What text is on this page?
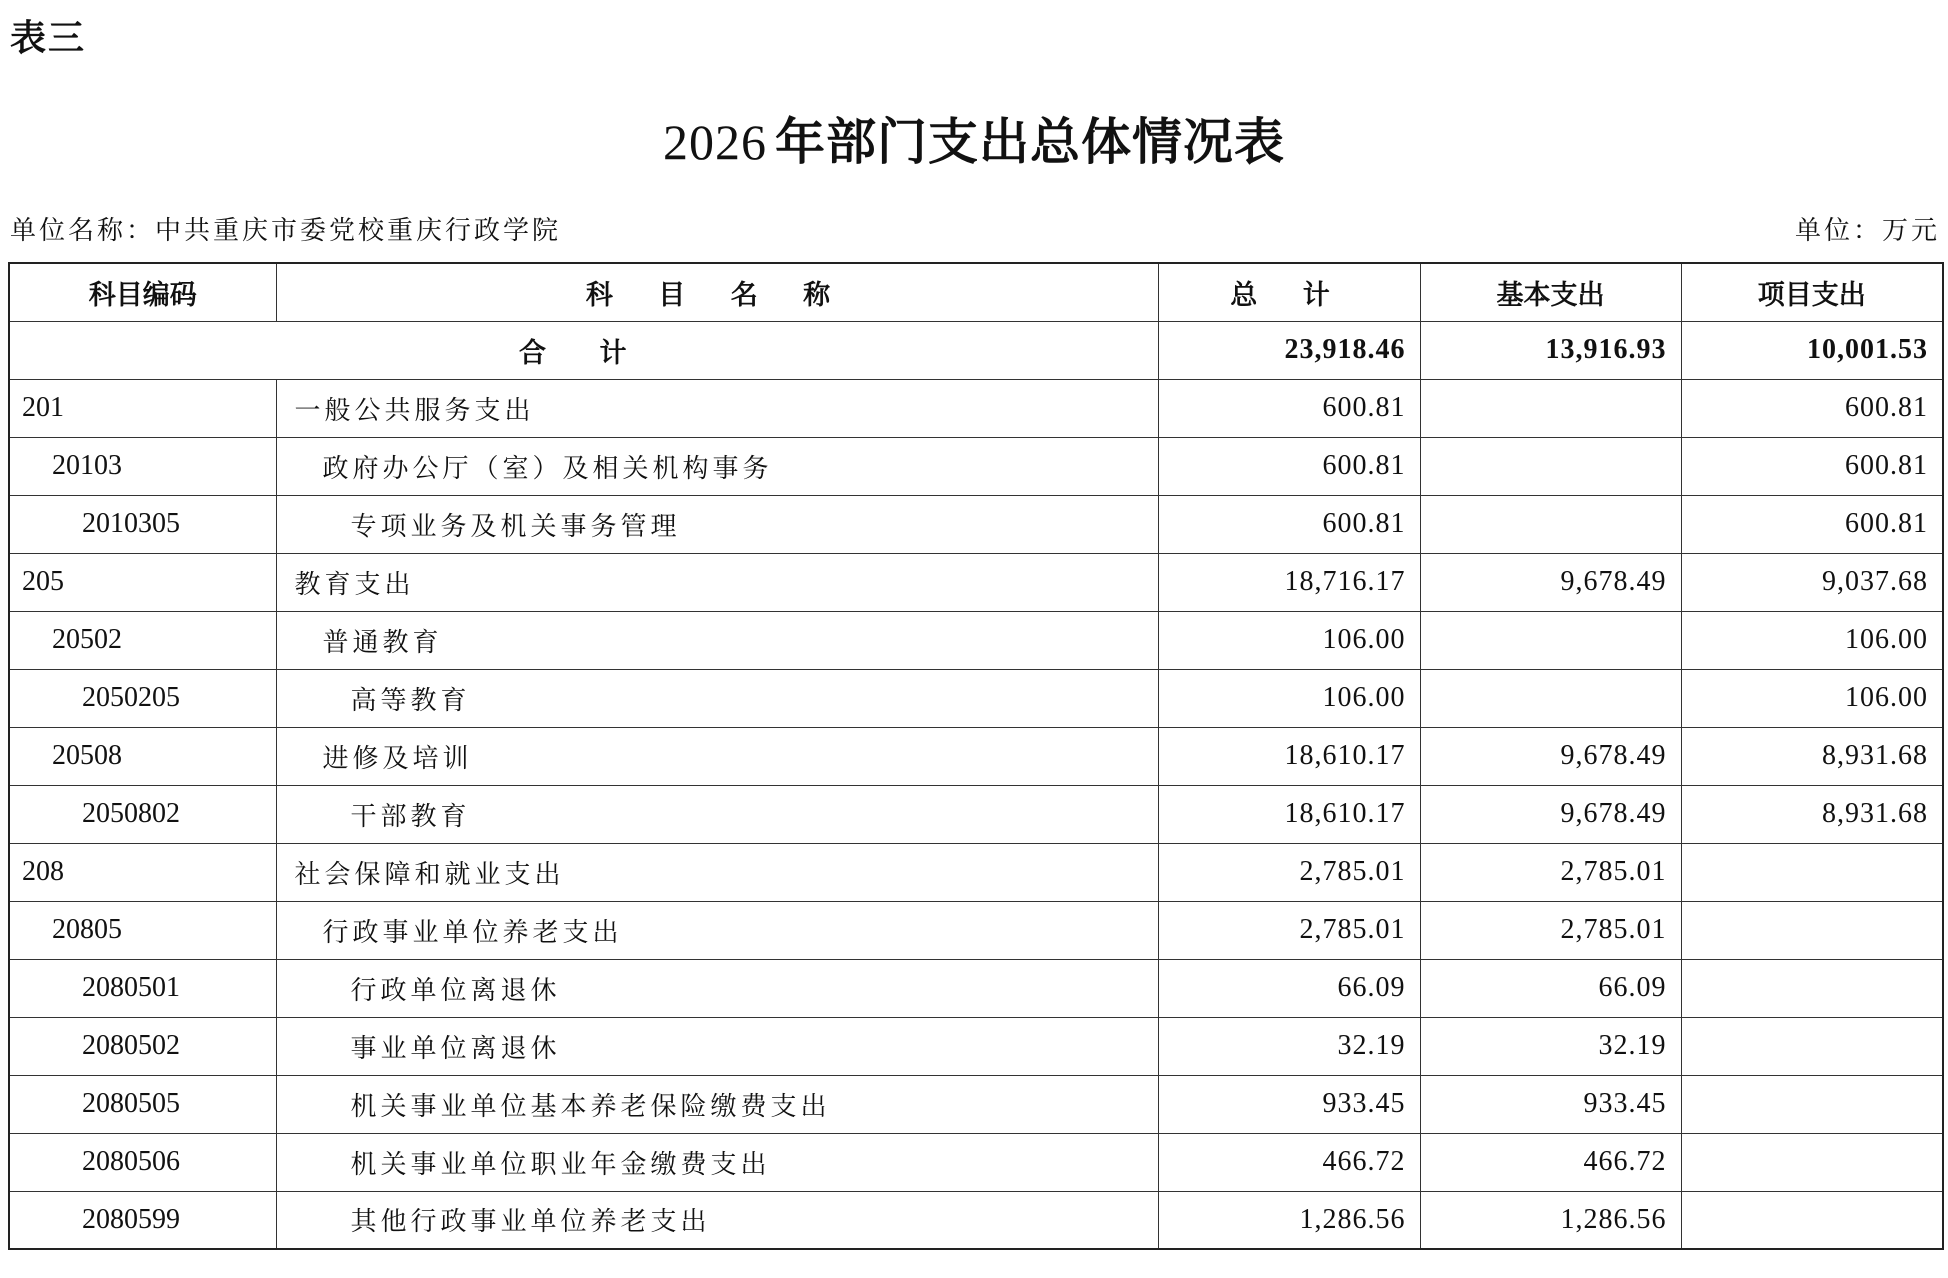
表三
2026 年部门支出总体情况表
单位名称：中共重庆市委党校重庆行政学院	单位：万元
科目编码	科 目 名 称	总 计	基本支出	项目支出
合 计		23,918.46	13,916.93	10,001.53
201	一般公共服务支出	600.81		600.81
20103	政府办公厅（室）及相关机构事务	600.81		600.81
2010305	专项业务及机关事务管理	600.81		600.81
205	教育支出	18,716.17	9,678.49	9,037.68
20502	普通教育	106.00		106.00
2050205	高等教育	106.00		106.00
20508	进修及培训	18,610.17	9,678.49	8,931.68
2050802	干部教育	18,610.17	9,678.49	8,931.68
208	社会保障和就业支出	2,785.01	2,785.01	
20805	行政事业单位养老支出	2,785.01	2,785.01	
2080501	行政单位离退休	66.09	66.09	
2080502	事业单位离退休	32.19	32.19	
2080505	机关事业单位基本养老保险缴费支出	933.45	933.45	
2080506	机关事业单位职业年金缴费支出	466.72	466.72	
2080599	其他行政事业单位养老支出	1,286.56	1,286.56	
